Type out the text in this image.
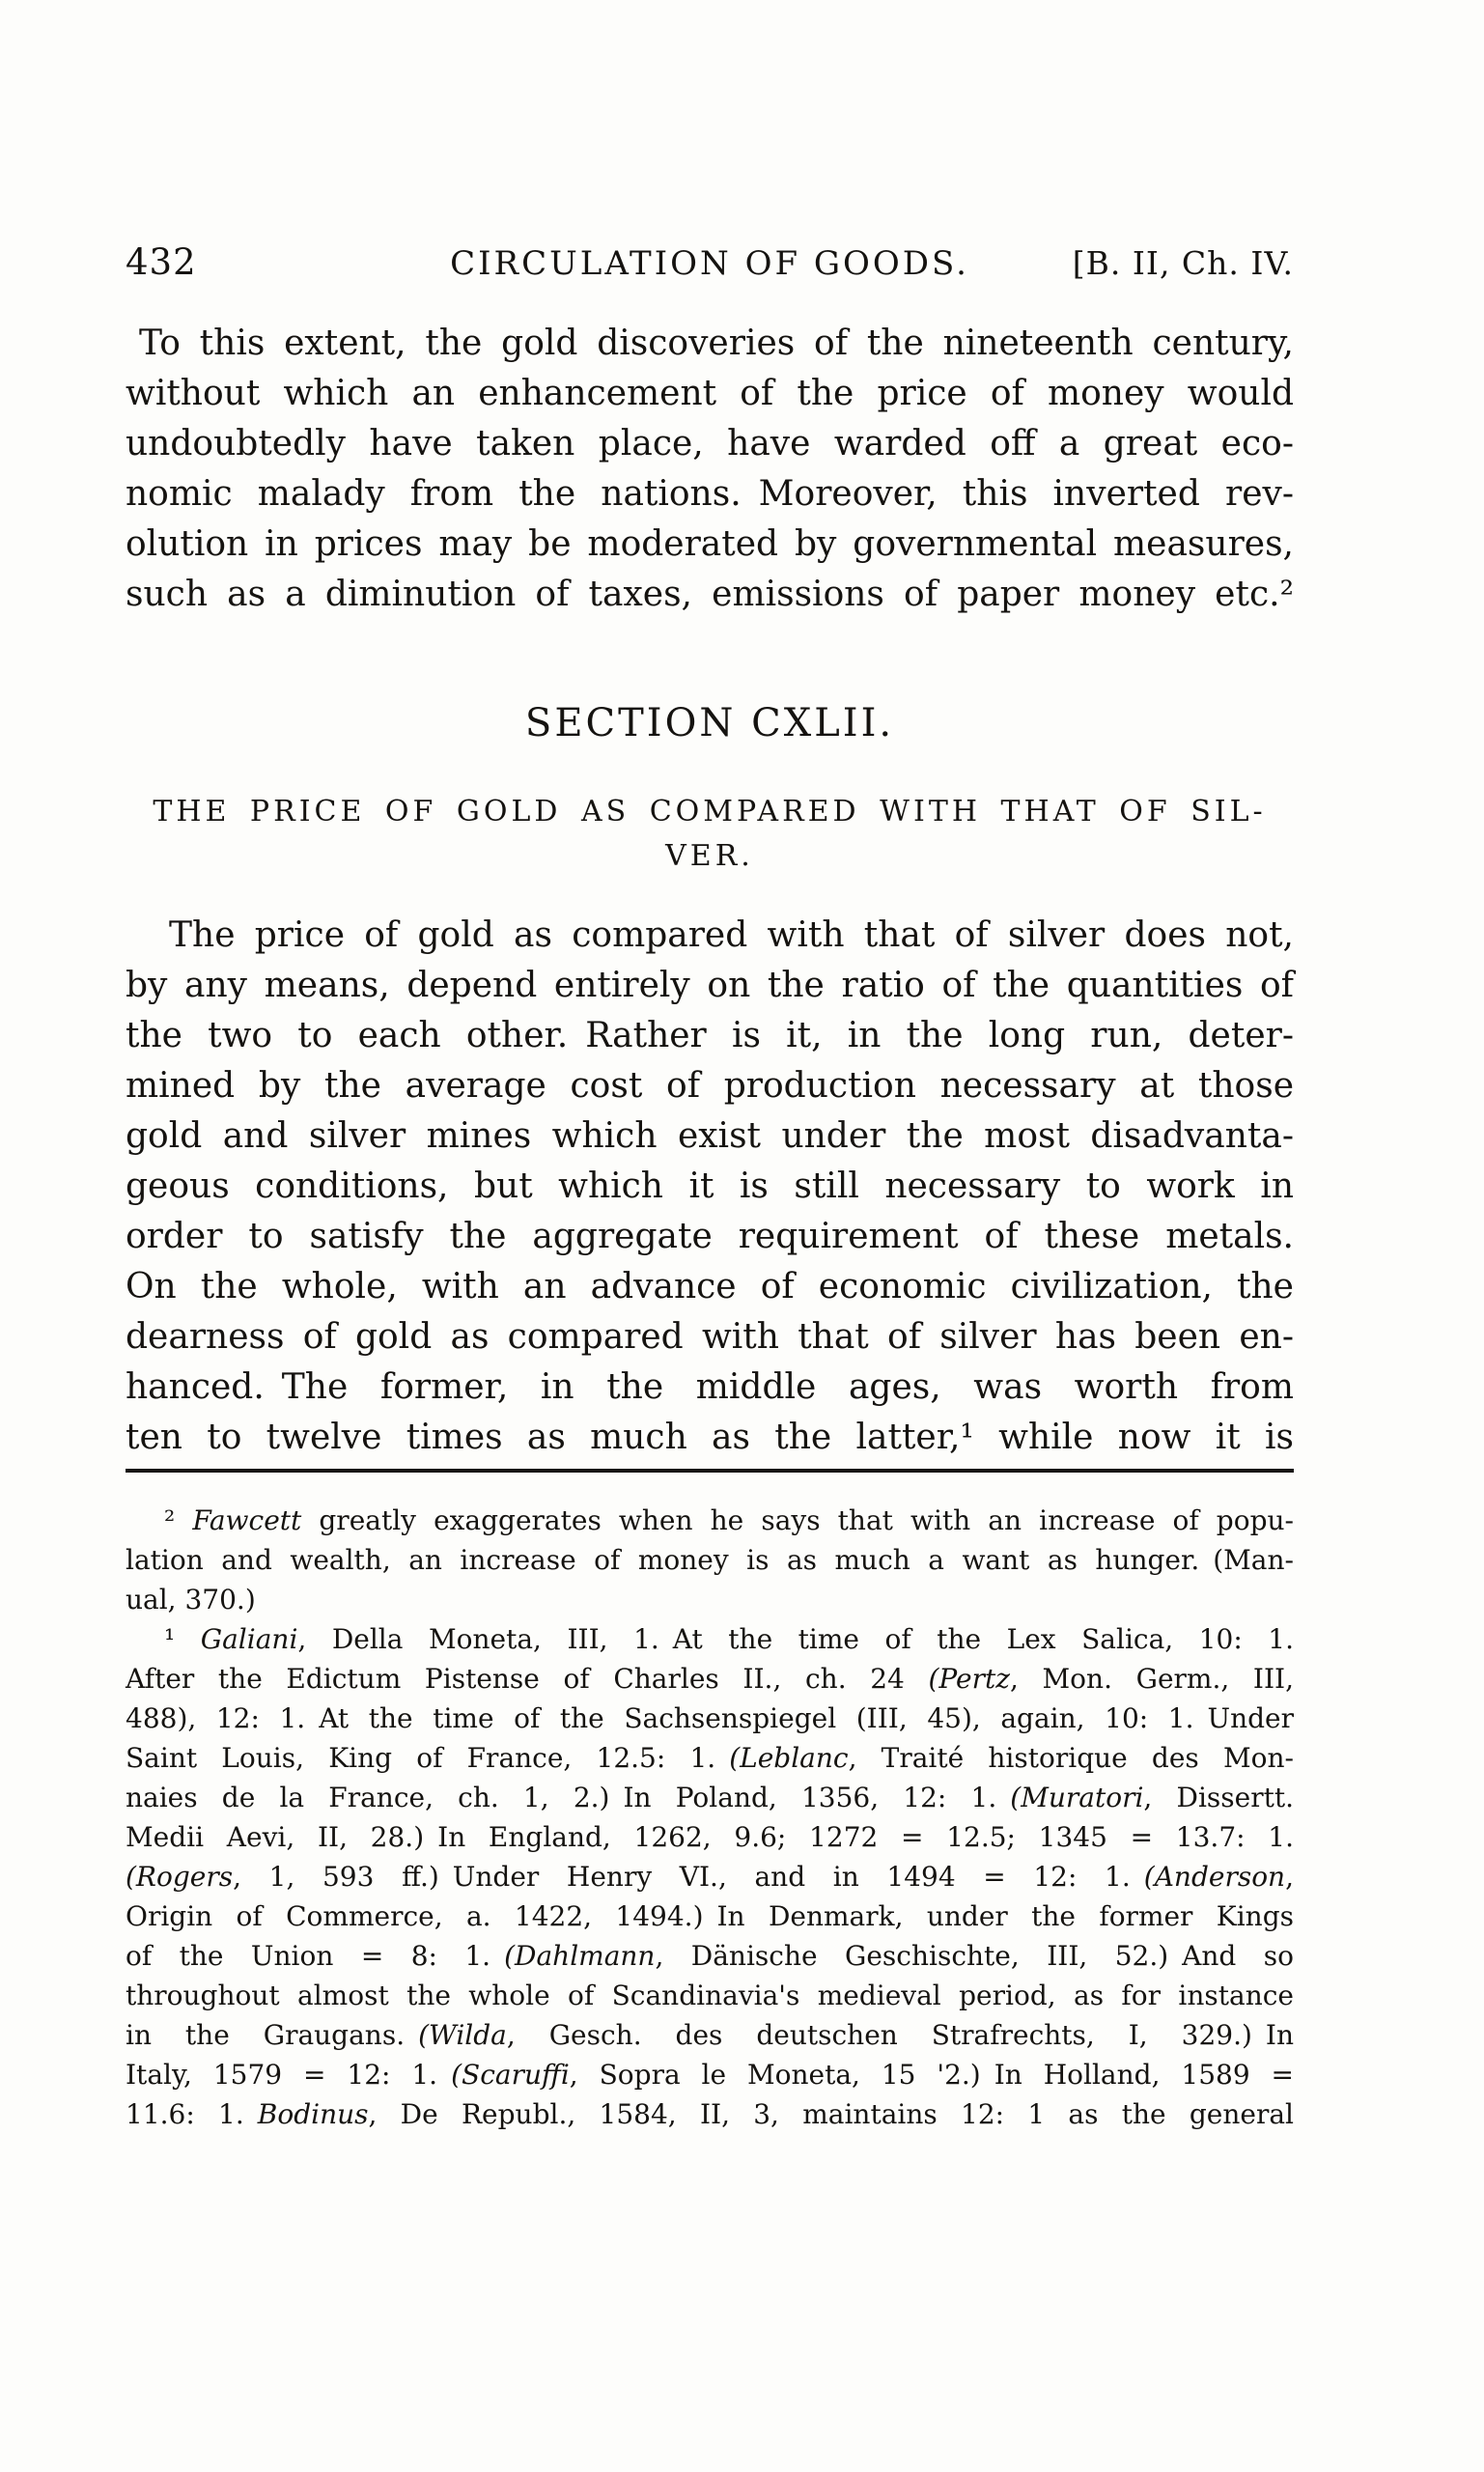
432	CIRCULATION OF GOODS.	[B. II, Ch. IV.
To this extent, the gold discoveries of the nineteenth century,
without which an enhancement of the price of money would
undoubtedly have taken place, have warded off a great eco-
nomic malady from the nations. Moreover, this inverted rev-
olution in prices may be moderated by governmental measures,
such as a diminution of taxes, emissions of paper money etc.²
SECTION CXLII.
THE PRICE OF GOLD AS COMPARED WITH THAT OF SIL-
VER.
The price of gold as compared with that of silver does not,
by any means, depend entirely on the ratio of the quantities of
the two to each other. Rather is it, in the long run, deter-
mined by the average cost of production necessary at those
gold and silver mines which exist under the most disadvanta-
geous conditions, but which it is still necessary to work in
order to satisfy the aggregate requirement of these metals.
On the whole, with an advance of economic civilization, the
dearness of gold as compared with that of silver has been en-
hanced. The former, in the middle ages, was worth from
ten to twelve times as much as the latter,¹ while now it is
² Fawcett greatly exaggerates when he says that with an increase of popu-
lation and wealth, an increase of money is as much a want as hunger. (Man-
ual, 370.)
¹ Galiani, Della Moneta, III, 1. At the time of the Lex Salica, 10: 1.
After the Edictum Pistense of Charles II., ch. 24 (Pertz, Mon. Germ., III,
488), 12: 1. At the time of the Sachsenspiegel (III, 45), again, 10: 1. Under
Saint Louis, King of France, 12.5: 1. (Leblanc, Traité historique des Mon-
naies de la France, ch. 1, 2.) In Poland, 1356, 12: 1. (Muratori, Dissertt.
Medii Aevi, II, 28.) In England, 1262, 9.6; 1272 = 12.5; 1345 = 13.7: 1.
(Rogers, 1, 593 ff.) Under Henry VI., and in 1494 = 12: 1. (Anderson,
Origin of Commerce, a. 1422, 1494.) In Denmark, under the former Kings
of the Union = 8: 1. (Dahlmann, Dänische Geschischte, III, 52.) And so
throughout almost the whole of Scandinavia's medieval period, as for instance
in the Graugans. (Wilda, Gesch. des deutschen Strafrechts, I, 329.) In
Italy, 1579 = 12: 1. (Scaruffi, Sopra le Moneta, 15 '2.) In Holland, 1589 =
11.6: 1. Bodinus, De Republ., 1584, II, 3, maintains 12: 1 as the general
